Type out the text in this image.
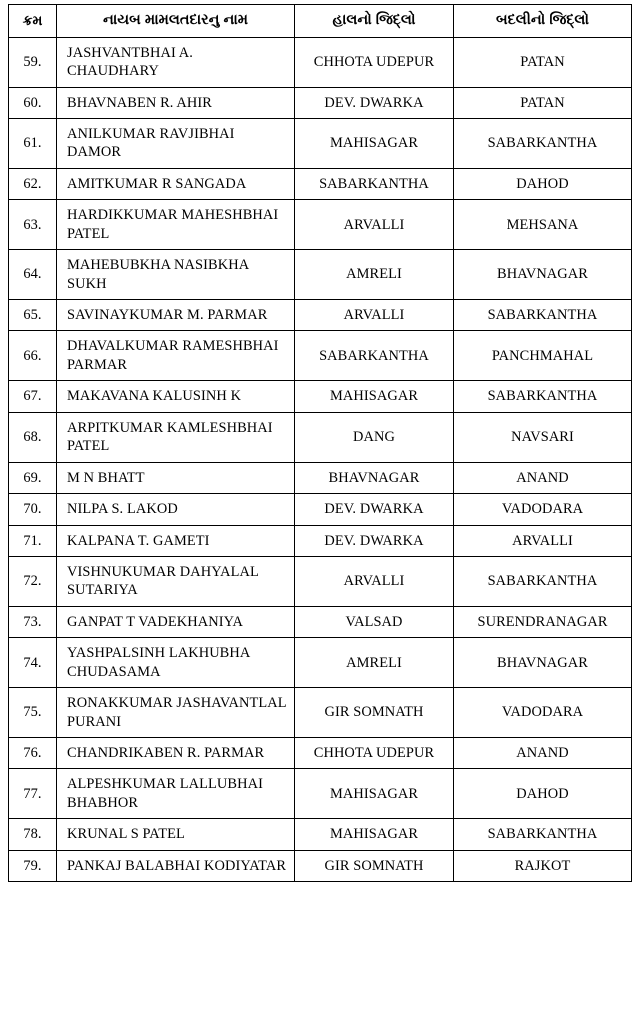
ક્રમ	નાયબ મામલતદારનુ નામ	હાલનો જિદ્લો	બદલીનો જિદ્લો
59.	JASHVANTBHAI A. CHAUDHARY	CHHOTA UDEPUR	PATAN
60.	BHAVNABEN R. AHIR	DEV. DWARKA	PATAN
61.	ANILKUMAR RAVJIBHAI DAMOR	MAHISAGAR	SABARKANTHA
62.	AMITKUMAR R SANGADA	SABARKANTHA	DAHOD
63.	HARDIKKUMAR MAHESHBHAI PATEL	ARVALLI	MEHSANA
64.	MAHEBUBKHA NASIBKHA SUKH	AMRELI	BHAVNAGAR
65.	SAVINAYKUMAR M. PARMAR	ARVALLI	SABARKANTHA
66.	DHAVALKUMAR RAMESHBHAI PARMAR	SABARKANTHA	PANCHMAHAL
67.	MAKAVANA KALUSINH K	MAHISAGAR	SABARKANTHA
68.	ARPITKUMAR KAMLESHBHAI PATEL	DANG	NAVSARI
69.	M N BHATT	BHAVNAGAR	ANAND
70.	NILPA S. LAKOD	DEV. DWARKA	VADODARA
71.	KALPANA T. GAMETI	DEV. DWARKA	ARVALLI
72.	VISHNUKUMAR DAHYALAL SUTARIYA	ARVALLI	SABARKANTHA
73.	GANPAT T VADEKHANIYA	VALSAD	SURENDRANAGAR
74.	YASHPALSINH LAKHUBHA CHUDASAMA	AMRELI	BHAVNAGAR
75.	RONAKKUMAR JASHAVANTLAL PURANI	GIR SOMNATH	VADODARA
76.	CHANDRIKABEN R. PARMAR	CHHOTA UDEPUR	ANAND
77.	ALPESHKUMAR LALLUBHAI BHABHOR	MAHISAGAR	DAHOD
78.	KRUNAL S PATEL	MAHISAGAR	SABARKANTHA
79.	PANKAJ BALABHAI KODIYATAR	GIR SOMNATH	RAJKOT
